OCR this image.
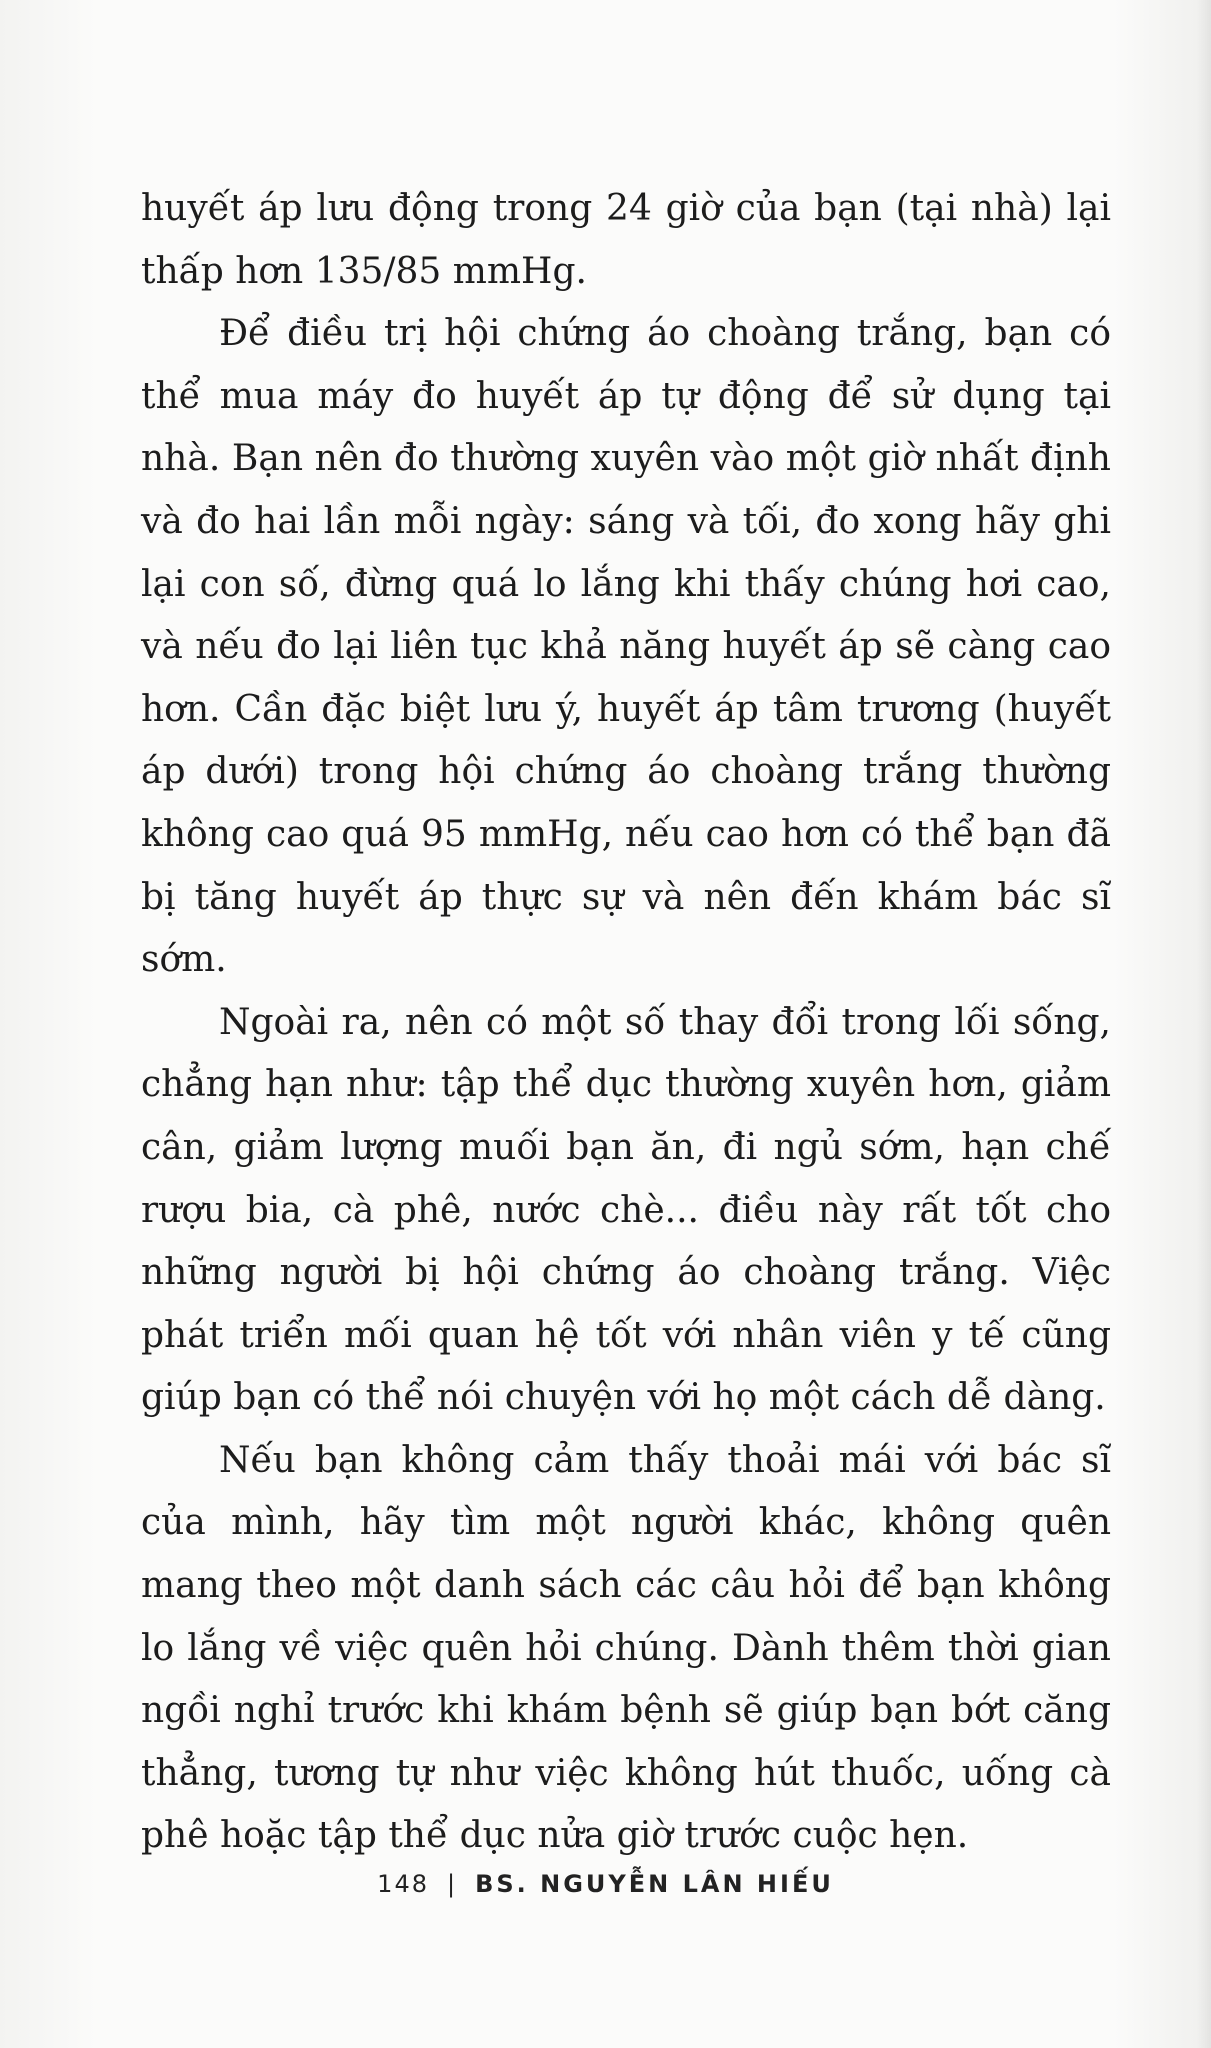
huyết áp lưu động trong 24 giờ của bạn (tại nhà) lại thấp hơn 135/85 mmHg.

Để điều trị hội chứng áo choàng trắng, bạn có thể mua máy đo huyết áp tự động để sử dụng tại nhà. Bạn nên đo thường xuyên vào một giờ nhất định và đo hai lần mỗi ngày: sáng và tối, đo xong hãy ghi lại con số, đừng quá lo lắng khi thấy chúng hơi cao, và nếu đo lại liên tục khả năng huyết áp sẽ càng cao hơn. Cần đặc biệt lưu ý, huyết áp tâm trương (huyết áp dưới) trong hội chứng áo choàng trắng thường không cao quá 95 mmHg, nếu cao hơn có thể bạn đã bị tăng huyết áp thực sự và nên đến khám bác sĩ sớm.

Ngoài ra, nên có một số thay đổi trong lối sống, chẳng hạn như: tập thể dục thường xuyên hơn, giảm cân, giảm lượng muối bạn ăn, đi ngủ sớm, hạn chế rượu bia, cà phê, nước chè... điều này rất tốt cho những người bị hội chứng áo choàng trắng. Việc phát triển mối quan hệ tốt với nhân viên y tế cũng giúp bạn có thể nói chuyện với họ một cách dễ dàng.

Nếu bạn không cảm thấy thoải mái với bác sĩ của mình, hãy tìm một người khác, không quên mang theo một danh sách các câu hỏi để bạn không lo lắng về việc quên hỏi chúng. Dành thêm thời gian ngồi nghỉ trước khi khám bệnh sẽ giúp bạn bớt căng thẳng, tương tự như việc không hút thuốc, uống cà phê hoặc tập thể dục nửa giờ trước cuộc hẹn.

148 | BS. NGUYỄN LÂN HIẾU
